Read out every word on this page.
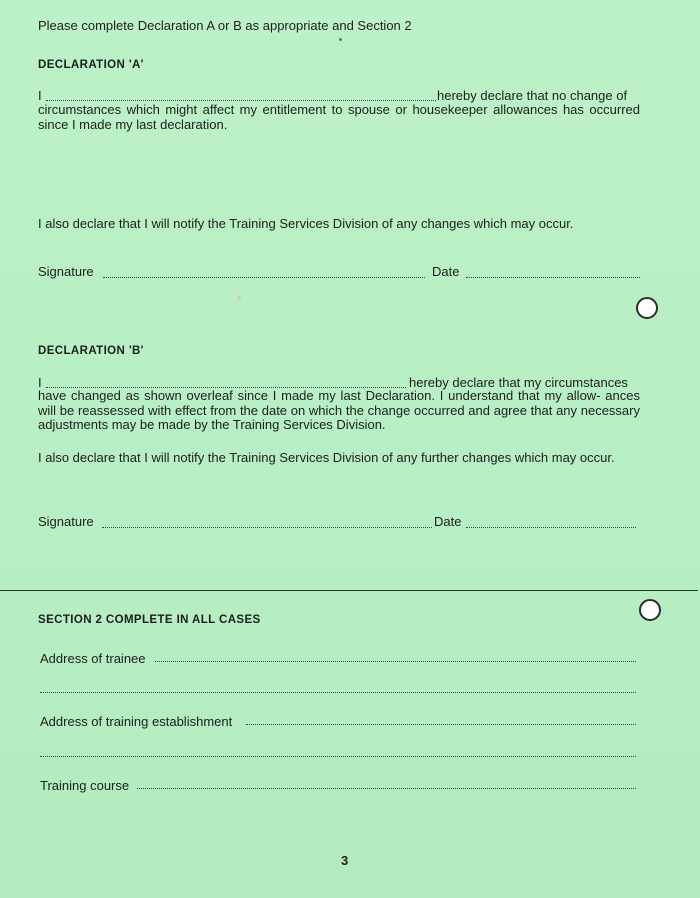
Please complete Declaration A or B as appropriate and Section 2
DECLARATION 'A'
I	hereby declare that no change of
circumstances which might affect my entitlement to spouse or housekeeper allowances has occurred since I made my last declaration.
I also declare that I will notify the Training Services Division of any changes which may occur.
Signature	Date
DECLARATION 'B'
I	hereby declare that my circumstances
have changed as shown overleaf since I made my last Declaration. I understand that my allow- ances will be reassessed with effect from the date on which the change occurred and agree that any necessary adjustments may be made by the Training Services Division.
I also declare that I will notify the Training Services Division of any further changes which may occur.
Signature	Date
SECTION 2 COMPLETE IN ALL CASES
Address of trainee
Address of training establishment
Training course
3
